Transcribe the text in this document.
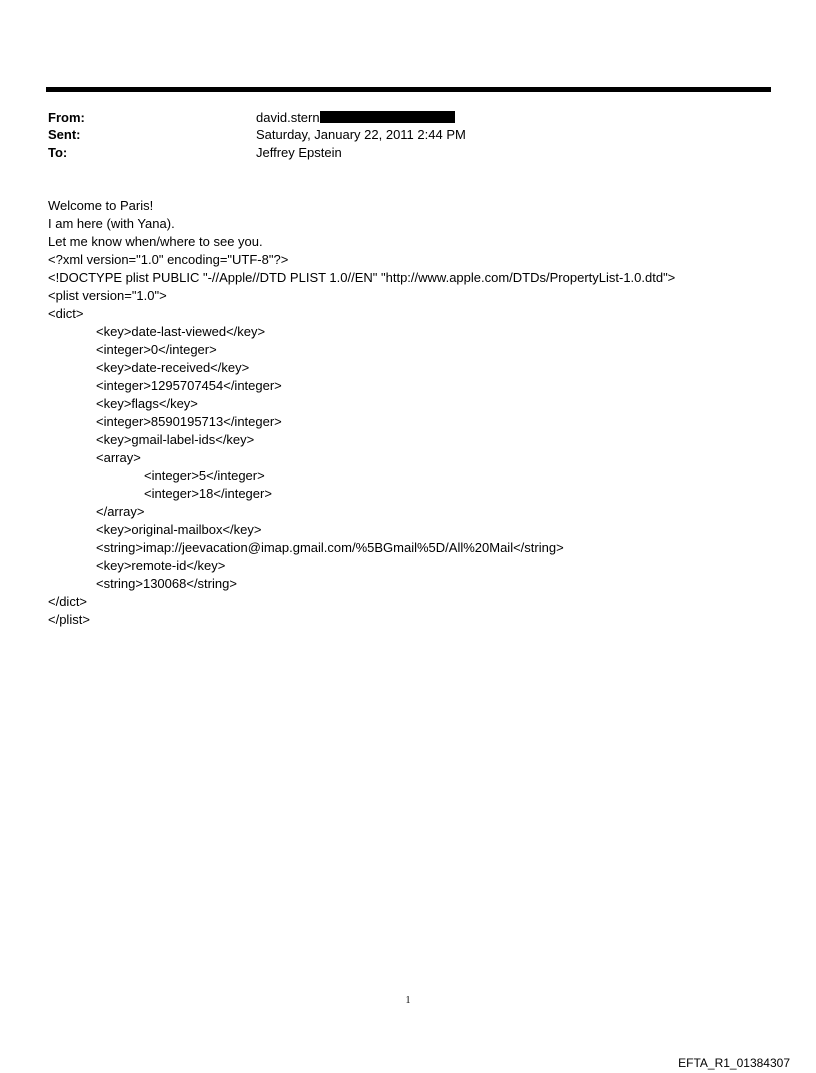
From:	david.stern
Sent:	Saturday, January 22, 2011 2:44 PM
To:	Jeffrey Epstein
Welcome to Paris!
I am here (with Yana).
Let me know when/where to see you.
<?xml version="1.0" encoding="UTF-8"?>
<!DOCTYPE plist PUBLIC "-//Apple//DTD PLIST 1.0//EN" "http://www.apple.com/DTDs/PropertyList-1.0.dtd">
<plist version="1.0">
<dict>
<key>date-last-viewed</key>
<integer>0</integer>
<key>date-received</key>
<integer>1295707454</integer>
<key>flags</key>
<integer>8590195713</integer>
<key>gmail-label-ids</key>
<array>
<integer>5</integer>
<integer>18</integer>
</array>
<key>original-mailbox</key>
<string>imap://jeevacation@imap.gmail.com/%5BGmail%5D/All%20Mail</string>
<key>remote-id</key>
<string>130068</string>
</dict>
</plist>
1
EFTA_R1_01384307
